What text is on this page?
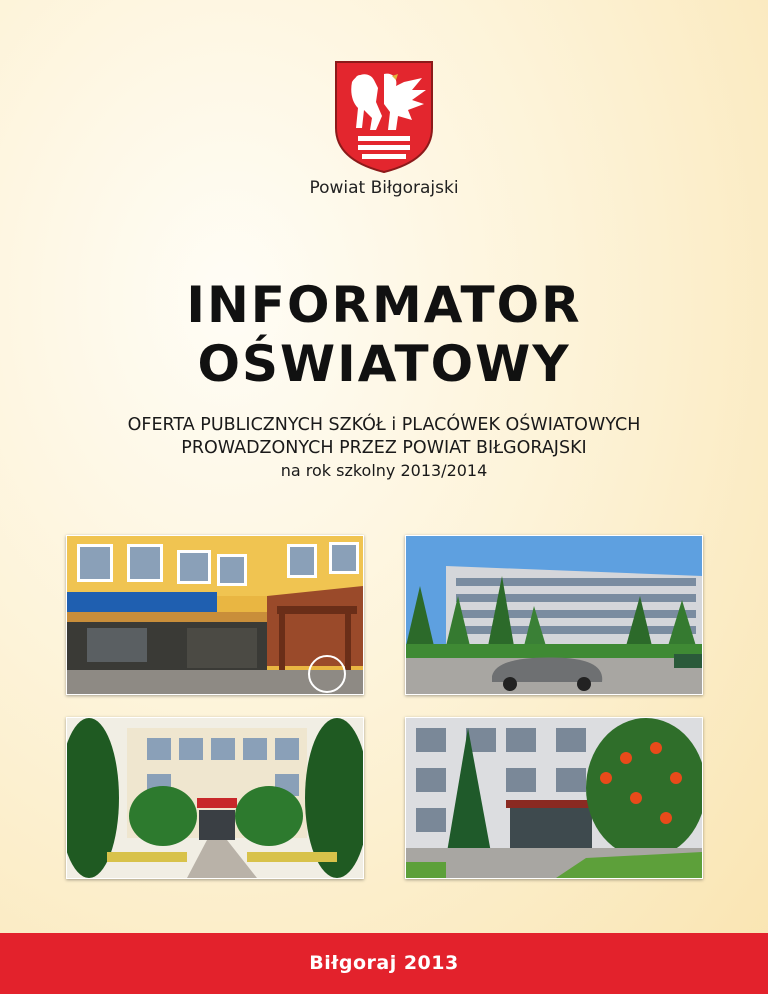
Powiat Biłgorajski
INFORMATOR
OŚWIATOWY
OFERTA PUBLICZNYCH SZKÓŁ i PLACÓWEK OŚWIATOWYCH
PROWADZONYCH PRZEZ POWIAT BIŁGORAJSKI
na rok szkolny 2013/2014
Biłgoraj 2013
